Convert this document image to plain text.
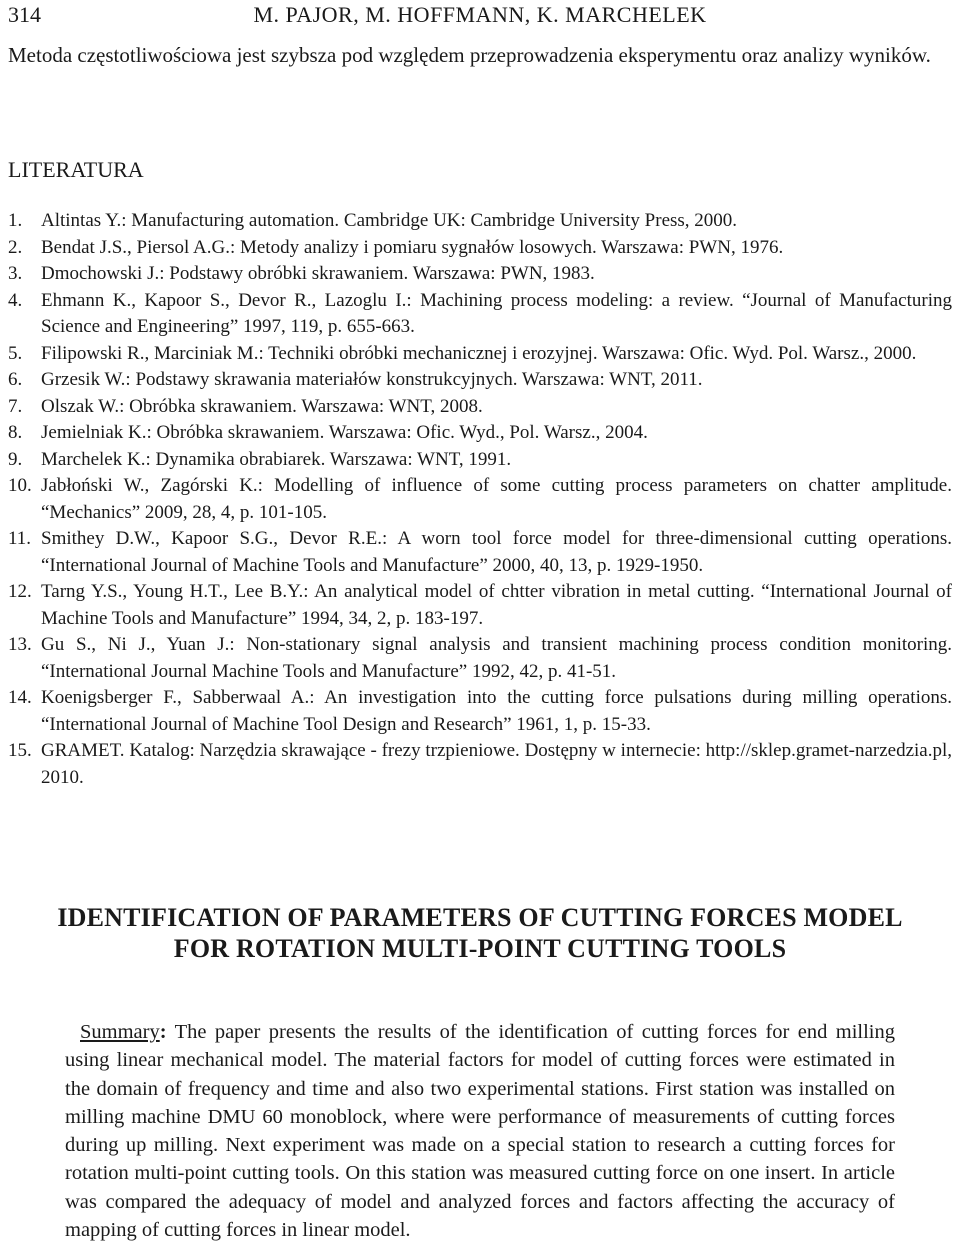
314	M. PAJOR, M. HOFFMANN, K. MARCHELEK

Metoda częstotliwościowa jest szybsza pod względem przeprowadzenia eksperymentu oraz analizy wyników.

LITERATURA
1. Altintas Y.: Manufacturing automation. Cambridge UK: Cambridge University Press, 2000.
2. Bendat J.S., Piersol A.G.: Metody analizy i pomiaru sygnałów losowych. Warszawa: PWN, 1976.
3. Dmochowski J.: Podstawy obróbki skrawaniem. Warszawa: PWN, 1983.
4. Ehmann K., Kapoor S., Devor R., Lazoglu I.: Machining process modeling: a review. “Journal of Manufacturing Science and Engineering” 1997, 119, p. 655-663.
5. Filipowski R., Marciniak M.: Techniki obróbki mechanicznej i erozyjnej. Warszawa: Ofic. Wyd. Pol. Warsz., 2000.
6. Grzesik W.: Podstawy skrawania materiałów konstrukcyjnych. Warszawa: WNT, 2011.
7. Olszak W.: Obróbka skrawaniem. Warszawa: WNT, 2008.
8. Jemielniak K.: Obróbka skrawaniem. Warszawa: Ofic. Wyd., Pol. Warsz., 2004.
9. Marchelek K.: Dynamika obrabiarek. Warszawa: WNT, 1991.
10. Jabłoński W., Zagórski K.: Modelling of influence of some cutting process parameters on chatter amplitude. “Mechanics” 2009, 28, 4, p. 101-105.
11. Smithey D.W., Kapoor S.G., Devor R.E.: A worn tool force model for three-dimensional cutting operations. “International Journal of Machine Tools and Manufacture” 2000, 40, 13, p. 1929-1950.
12. Tarng Y.S., Young H.T., Lee B.Y.: An analytical model of chtter vibration in metal cutting. “International Journal of Machine Tools and Manufacture” 1994, 34, 2, p. 183-197.
13. Gu S., Ni J., Yuan J.: Non-stationary signal analysis and transient machining process condition monitoring. “International Journal Machine Tools and Manufacture” 1992, 42, p. 41-51.
14. Koenigsberger F., Sabberwaal A.: An investigation into the cutting force pulsations during milling operations. “International Journal of Machine Tool Design and Research” 1961, 1, p. 15-33.
15. GRAMET. Katalog: Narzędzia skrawające - frezy trzpieniowe. Dostępny w internecie: http://sklep.gramet-narzedzia.pl, 2010.
IDENTIFICATION OF PARAMETERS OF CUTTING FORCES MODEL
FOR ROTATION MULTI-POINT CUTTING TOOLS

Summary: The paper presents the results of the identification of cutting forces for end milling using linear mechanical model. The material factors for model of cutting forces were estimated in the domain of frequency and time and also two experimental stations. First station was installed on milling machine DMU 60 monoblock, where were performance of measurements of cutting forces during up milling. Next experiment was made on a special station to research a cutting forces for rotation multi-point cutting tools. On this station was measured cutting force on one insert. In article was compared the adequacy of model and analyzed forces and factors affecting the accuracy of mapping of cutting forces in linear model.
